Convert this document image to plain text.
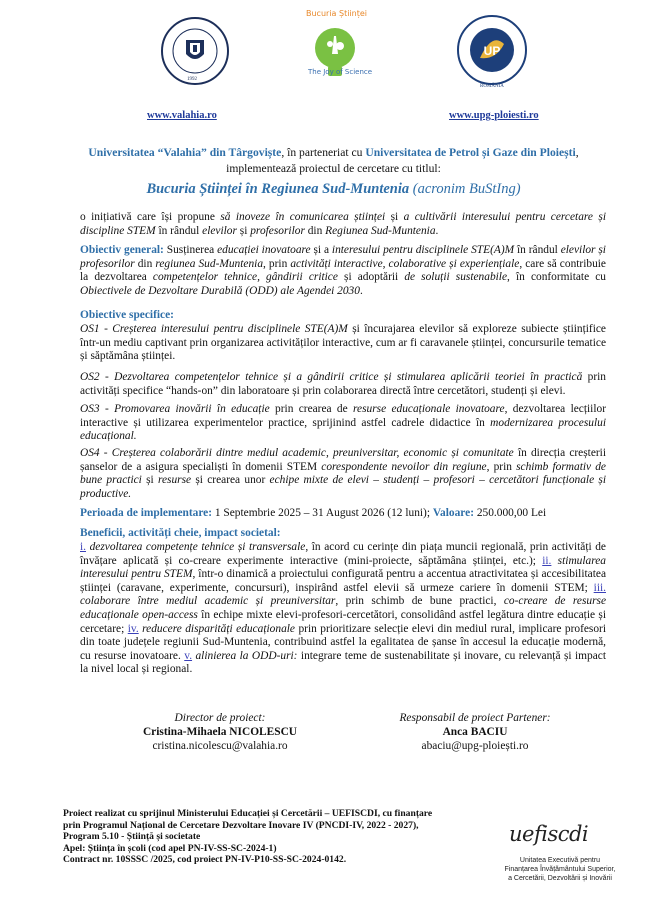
1992
Bucuria Științei
The Joy of Science
UP
ROMÂNIA
www.valahia.ro	www.upg-ploiesti.ro
Universitatea “Valahia” din Târgoviște, în parteneriat cu Universitatea de Petrol și Gaze din Ploiești,
implementează proiectul de cercetare cu titlul:
Bucuria Științei în Regiunea Sud-Muntenia (acronim BuStIng)
o inițiativă care își propune să inoveze în comunicarea științei și a cultivării interesului pentru cercetare și discipline STEM în rândul elevilor și profesorilor din Regiunea Sud-Muntenia.
Obiectiv general: Susținerea educației inovatoare și a interesului pentru disciplinele STE(A)M în rândul elevilor și profesorilor din regiunea Sud-Muntenia, prin activități interactive, colaborative și experiențiale, care să contribuie la dezvoltarea competențelor tehnice, gândirii critice și adoptării de soluții sustenabile, în conformitate cu Obiectivele de Dezvoltare Durabilă (ODD) ale Agendei 2030.
Obiective specifice:
OS1 - Creșterea interesului pentru disciplinele STE(A)M și încurajarea elevilor să exploreze subiecte științifice într-un mediu captivant prin organizarea activităților interactive, cum ar fi caravanele științei, concursurile tematice și săptămâna științei.
OS2 - Dezvoltarea competențelor tehnice și a gândirii critice și stimularea aplicării teoriei în practică prin activități specifice “hands-on” din laboratoare și prin colaborarea directă între cercetători, studenți și elevi.
OS3 - Promovarea inovării în educație prin crearea de resurse educaționale inovatoare, dezvoltarea lecțiilor interactive și utilizarea experimentelor practice, sprijinind astfel cadrele didactice în modernizarea procesului educațional.
OS4 - Creșterea colaborării dintre mediul academic, preuniversitar, economic și comunitate în direcția creșterii șanselor de a asigura specialiști în domenii STEM corespondente nevoilor din regiune, prin schimb formativ de bune practici și resurse și crearea unor echipe mixte de elevi – studenți – profesori – cercetători funcționale și productive.
Perioada de implementare: 1 Septembrie 2025 – 31 August 2026 (12 luni); Valoare: 250.000,00 Lei
Beneficii, activități cheie, impact societal:
i. dezvoltarea competențe tehnice și transversale, în acord cu cerințe din piața muncii regională, prin activități de învățare aplicată și co-creare experimente interactive (mini-proiecte, săptămâna științei, etc.); ii. stimularea interesului pentru STEM, într-o dinamică a proiectului configurată pentru a accentua atractivitatea și accesibilitatea științei (caravane, experimente, concursuri), inspirând astfel elevii să urmeze cariere în domenii STEM; iii. colaborare între mediul academic și preuniversitar, prin schimb de bune practici, co-creare de resurse educaționale open-access în echipe mixte elevi-profesori-cercetători, consolidând astfel legătura dintre educație și cercetare; iv. reducere disparități educaționale prin prioritizare selecție elevi din mediul rural, implicare profesori din toate județele regiunii Sud-Muntenia, contribuind astfel la egalitatea de șanse în accesul la educație modernă, cu resurse inovatoare. v. alinierea la ODD-uri: integrare teme de sustenabilitate și inovare, cu relevanță și impact la nivel local și regional.
Director de proiect:
Cristina-Mihaela NICOLESCU
cristina.nicolescu@valahia.ro
Responsabil de proiect Partener:
Anca BACIU
abaciu@upg-ploiești.ro
Proiect realizat cu sprijinul Ministerului Educației și Cercetării – UEFISCDI, cu finanțare
prin Programul Național de Cercetare Dezvoltare Inovare IV (PNCDI-IV, 2022 - 2027),
Program 5.10 - Știință și societate
Apel: Știința în școli (cod apel PN-IV-SS-SC-2024-1)
Contract nr. 10SSSC /2025, cod proiect PN-IV-P10-SS-SC-2024-0142.
uefiscdi
Unitatea Executivă pentru
Finanțarea Învățământului Superior,
a Cercetării, Dezvoltării și Inovării
